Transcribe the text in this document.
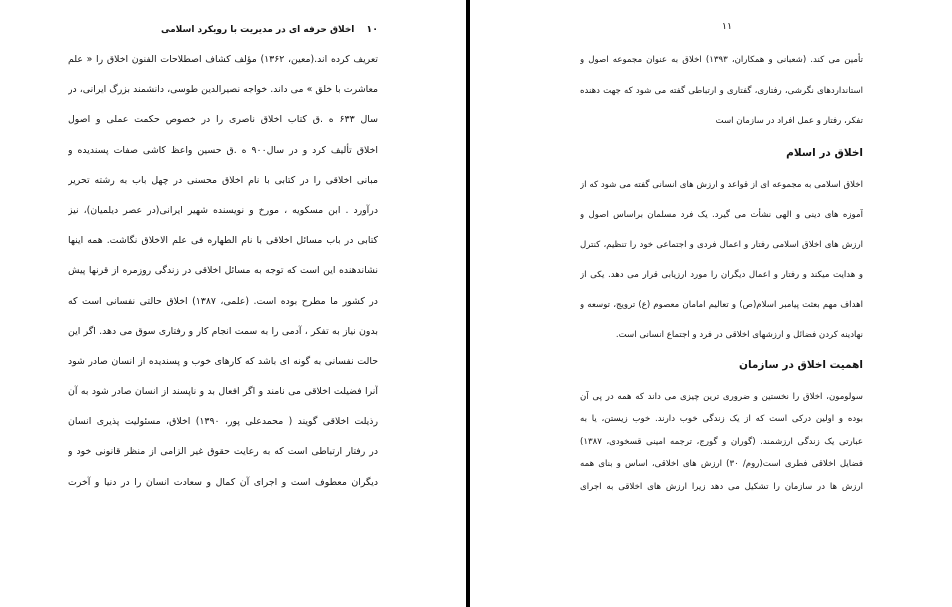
۱۰اخلاق حرفه ای در مدیریت با رویکرد اسلامی
تعریف کرده اند.(معین، ۱۳۶۲) مؤلف کشاف اصطلاحات الفنون اخلاق را « علم
معاشرت با خلق » می داند. خواجه نصیرالدین طوسی، دانشمند بزرگ ایرانی، در
سال ۶۳۳ ه .ق کتاب اخلاق ناصری را در خصوص حکمت عملی و اصول
اخلاق تألیف کرد و در سال۹۰۰ ه .ق حسین واعظ کاشی صفات پسندیده و
مبانی اخلاقی را در کتابی با نام اخلاق محسنی در چهل باب به رشته تحریر
درآورد . ابن مسکویه ، مورخ و نویسنده شهیر ایرانی(در عصر دیلمیان)، نیز
کتابی در باب مسائل اخلاقی با نام الطهاره فی علم الاخلاق نگاشت. همه اینها
نشاندهنده این است که توجه به مسائل اخلاقی در زندگی روزمره از قرنها پیش
در کشور ما مطرح بوده است. (علمی، ۱۳۸۷) اخلاق حالتی نفسانی است که
بدون نیاز به تفکر ، آدمی را به سمت انجام کار و رفتاری سوق می دهد. اگر این
حالت نفسانی به گونه ای باشد که کارهای خوب و پسندیده از انسان صادر شود
آنرا فضیلت اخلاقی می نامند و اگر افعال بد و ناپسند از انسان صادر شود به آن
رذیلت اخلاقی گویند ( محمدعلی پور، ۱۳۹۰) اخلاق، مسئولیت پذیری انسان
در رفتار ارتباطی است که به رعایت حقوق غیر الزامی از منظر قانونی خود و
دیگران معطوف است و اجرای آن کمال و سعادت انسان را در دنیا و آخرت
۱۱
تأمین می کند. (شعبانی و همکاران، ۱۳۹۳) اخلاق به عنوان مجموعه اصول و
استانداردهای نگرشی، رفتاری، گفتاری و ارتباطی گفته می شود که جهت دهنده
تفکر، رفتار و عمل افراد در سازمان است
اخلاق در اسلام
اخلاق اسلامی به مجموعه ای از قواعد و ارزش های انسانی گفته می شود که از
آموزه های دینی و الهی نشأت می گیرد. یک فرد مسلمان براساس اصول و
ارزش های اخلاق اسلامی رفتار و اعمال فردی و اجتماعی خود را تنظیم، کنترل
و هدایت میکند و رفتار و اعمال دیگران را مورد ارزیابی قرار می دهد. یکی از
اهداف مهم بعثت پیامبر اسلام(ص) و تعالیم امامان معصوم (ع) ترویج، توسعه و
نهادینه کردن فضائل و ارزشهای اخلاقی در فرد و اجتماع انسانی است.
اهمیت اخلاق در سازمان
سولومون، اخلاق را نخستین و ضروری ترین چیزی می داند که همه در پی آن
بوده و اولین درکی است که از یک زندگی خوب دارند. خوب زیستن، یا به
عبارتی یک زندگی ارزشمند. (گوران و گورج، ترجمه امینی قسخودی، ۱۳۸۷)
فضایل اخلاقی فطری است(روم/ ۳۰) ارزش های اخلاقی، اساس و بنای همه
ارزش ها در سازمان را تشکیل می دهد زیرا ارزش های اخلاقی به اجرای
